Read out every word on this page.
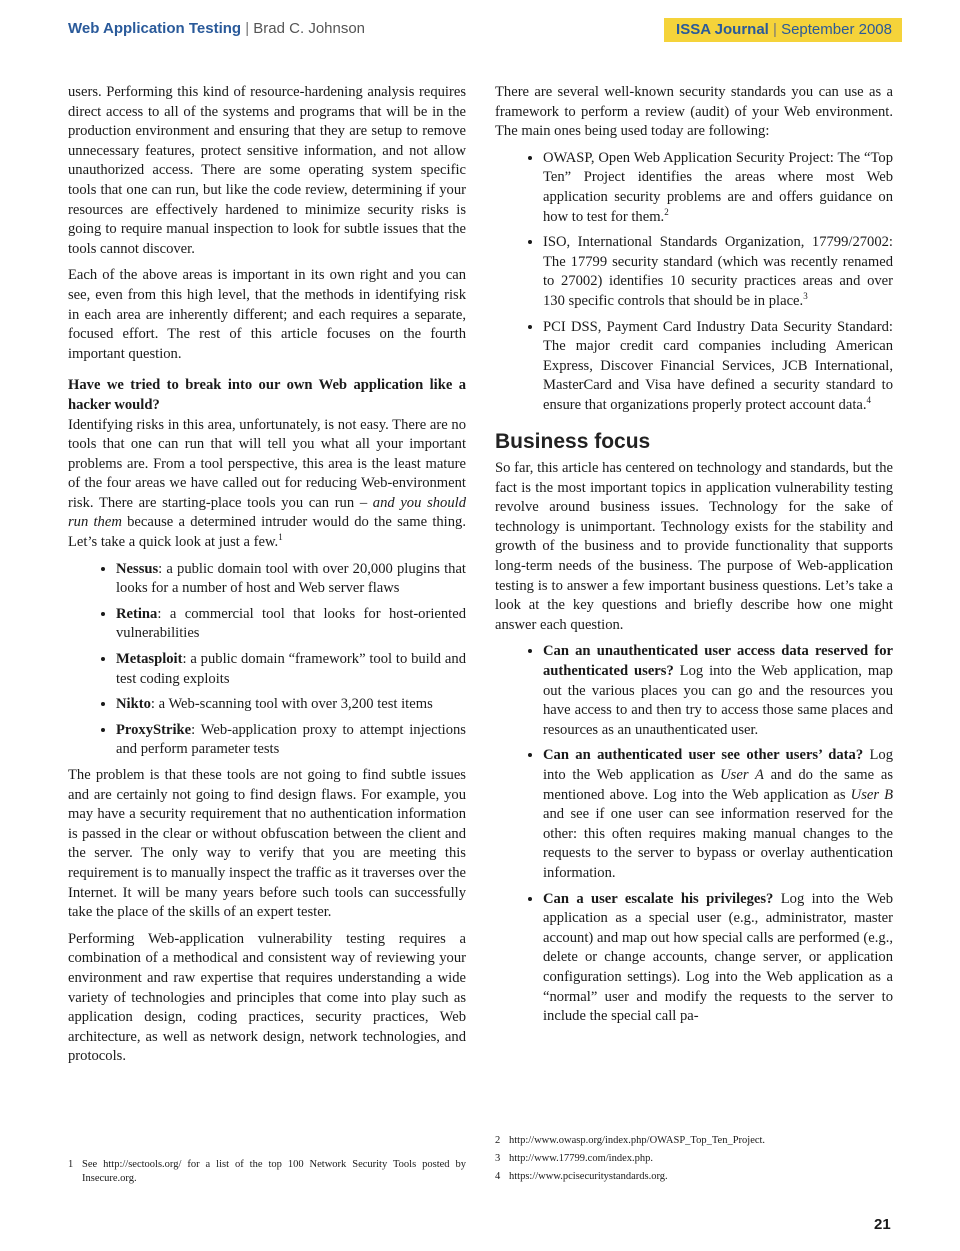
Web Application Testing | Brad C. Johnson	ISSA Journal | September 2008

users. Performing this kind of resource-hardening analysis requires direct access to all of the systems and programs that will be in the production environment and ensuring that they are setup to remove unnecessary features, protect sensitive information, and not allow unauthorized access. There are some operating system specific tools that one can run, but like the code review, determining if your resources are effectively hardened to minimize security risks is going to require manual inspection to look for subtle issues that the tools cannot discover.

Each of the above areas is important in its own right and you can see, even from this high level, that the methods in identifying risk in each area are inherently different; and each requires a separate, focused effort. The rest of this article focuses on the fourth important question.

Have we tried to break into our own Web application like a hacker would?

Identifying risks in this area, unfortunately, is not easy. There are no tools that one can run that will tell you what all your important problems are. From a tool perspective, this area is the least mature of the four areas we have called out for reducing Web-environment risk. There are starting-place tools you can run – and you should run them because a determined intruder would do the same thing. Let’s take a quick look at just a few.$^1$

• Nessus: a public domain tool with over 20,000 plugins that looks for a number of host and Web server flaws
• Retina: a commercial tool that looks for host-oriented vulnerabilities
• Metasploit: a public domain “framework” tool to build and test coding exploits
• Nikto: a Web-scanning tool with over 3,200 test items
• ProxyStrike: Web-application proxy to attempt injections and perform parameter tests

The problem is that these tools are not going to find subtle issues and are certainly not going to find design flaws. For example, you may have a security requirement that no authentication information is passed in the clear or without obfuscation between the client and the server. The only way to verify that you are meeting this requirement is to manually inspect the traffic as it traverses over the Internet. It will be many years before such tools can successfully take the place of the skills of an expert tester.

Performing Web-application vulnerability testing requires a combination of a methodical and consistent way of reviewing your environment and raw expertise that requires understanding a wide variety of technologies and principles that come into play such as application design, coding practices, security practices, Web architecture, as well as network design, network technologies, and protocols.

There are several well-known security standards you can use as a framework to perform a review (audit) of your Web environment. The main ones being used today are following:

• OWASP, Open Web Application Security Project: The “Top Ten” Project identifies the areas where most Web application security problems are and offers guidance on how to test for them.$^2$
• ISO, International Standards Organization, 17799/27002: The 17799 security standard (which was recently renamed to 27002) identifies 10 security practices areas and over 130 specific controls that should be in place.$^3$
• PCI DSS, Payment Card Industry Data Security Standard: The major credit card companies including American Express, Discover Financial Services, JCB International, MasterCard and Visa have defined a security standard to ensure that organizations properly protect account data.$^4$
Business focus

So far, this article has centered on technology and standards, but the fact is the most important topics in application vulnerability testing revolve around business issues. Technology for the sake of technology is unimportant. Technology exists for the stability and growth of the business and to provide functionality that supports long-term needs of the business. The purpose of Web-application testing is to answer a few important business questions. Let’s take a look at the key questions and briefly describe how one might answer each question.

• Can an unauthenticated user access data reserved for authenticated users? Log into the Web application, map out the various places you can go and the resources you have access to and then try to access those same places and resources as an unauthenticated user.
• Can an authenticated user see other users’ data? Log into the Web application as User A and do the same as mentioned above. Log into the Web application as User B and see if one user can see information reserved for the other: this often requires making manual changes to the requests to the server to bypass or overlay authentication information.
• Can a user escalate his privileges? Log into the Web application as a special user (e.g., administrator, master account) and map out how special calls are performed (e.g., delete or change accounts, change server, or application configuration settings). Log into the Web application as a “normal” user and modify the requests to the server to include the special call pa-
1 See http://sectools.org/ for a list of the top 100 Network Security Tools posted by Insecure.org.
2 http://www.owasp.org/index.php/OWASP_Top_Ten_Project.
3 http://www.17799.com/index.php.
4 https://www.pcisecuritystandards.org.
21
